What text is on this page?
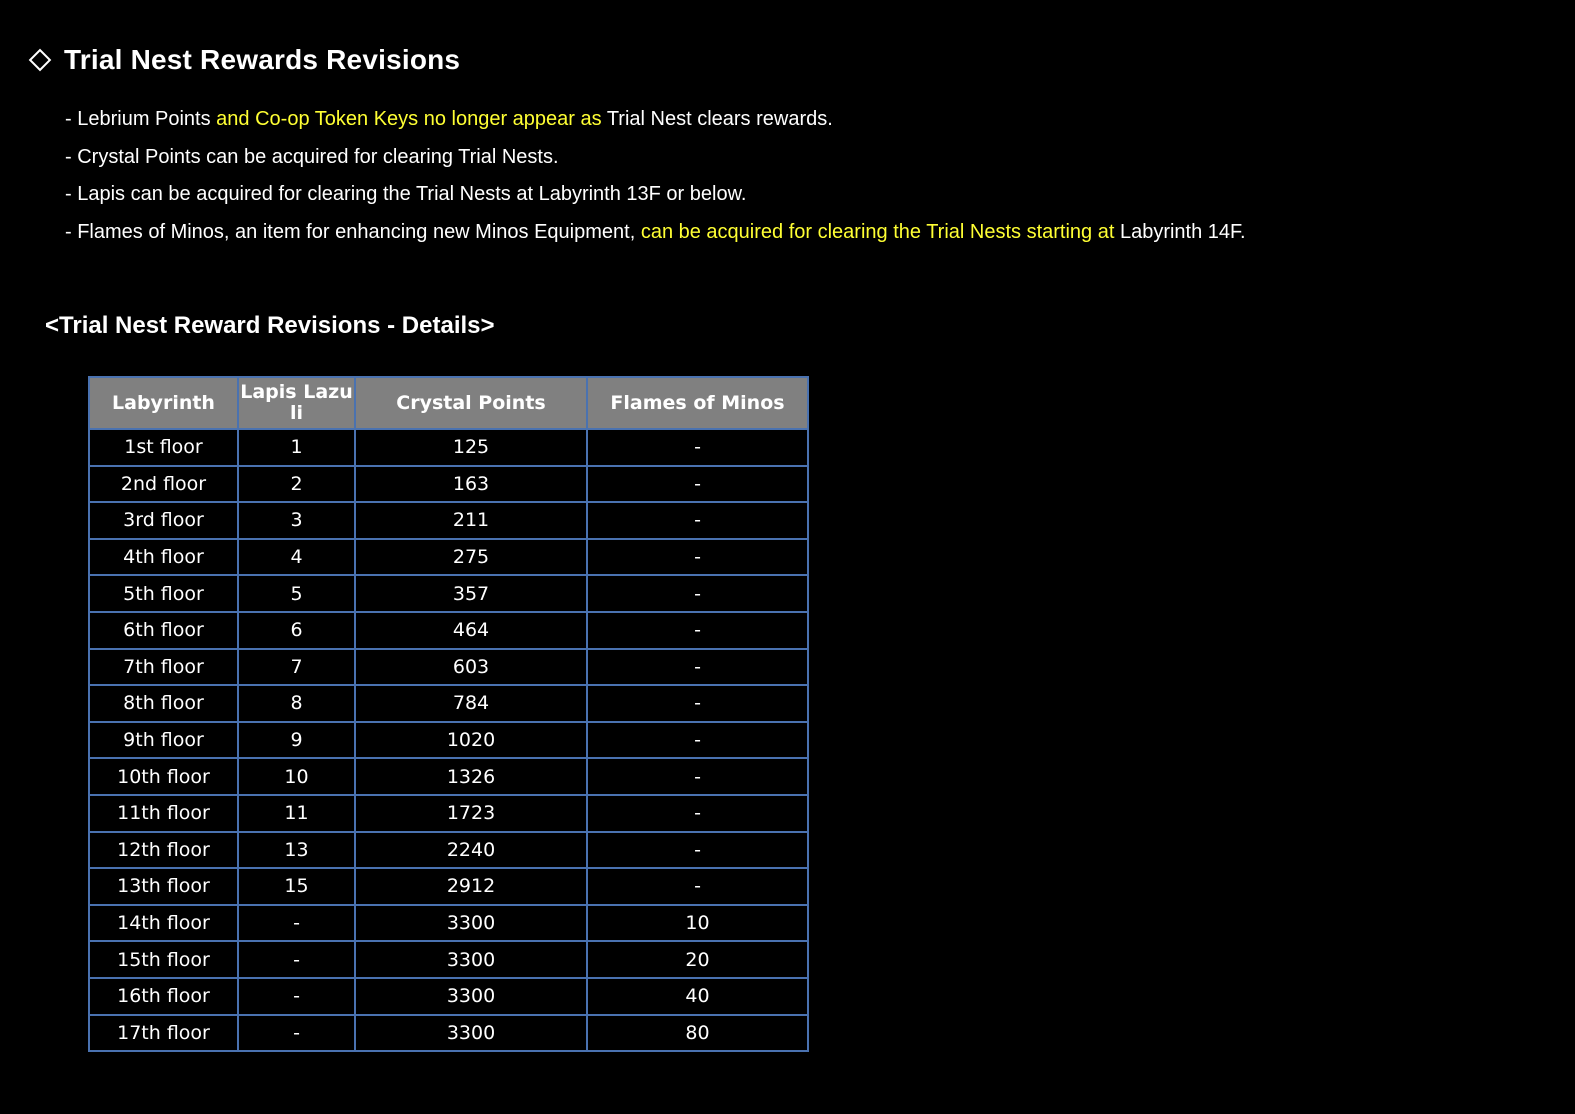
Trial Nest Rewards Revisions
- Lebrium Points and Co-op Token Keys no longer appear as Trial Nest clears rewards.
- Crystal Points can be acquired for clearing Trial Nests.
- Lapis can be acquired for clearing the Trial Nests at Labyrinth 13F or below.
- Flames of Minos, an item for enhancing new Minos Equipment, can be acquired for clearing the Trial Nests starting at Labyrinth 14F.
<Trial Nest Reward Revisions - Details>
Labyrinth	Lapis Lazuli	Crystal Points	Flames of Minos
1st floor	1	125	-
2nd floor	2	163	-
3rd floor	3	211	-
4th floor	4	275	-
5th floor	5	357	-
6th floor	6	464	-
7th floor	7	603	-
8th floor	8	784	-
9th floor	9	1020	-
10th floor	10	1326	-
11th floor	11	1723	-
12th floor	13	2240	-
13th floor	15	2912	-
14th floor	-	3300	10
15th floor	-	3300	20
16th floor	-	3300	40
17th floor	-	3300	80
